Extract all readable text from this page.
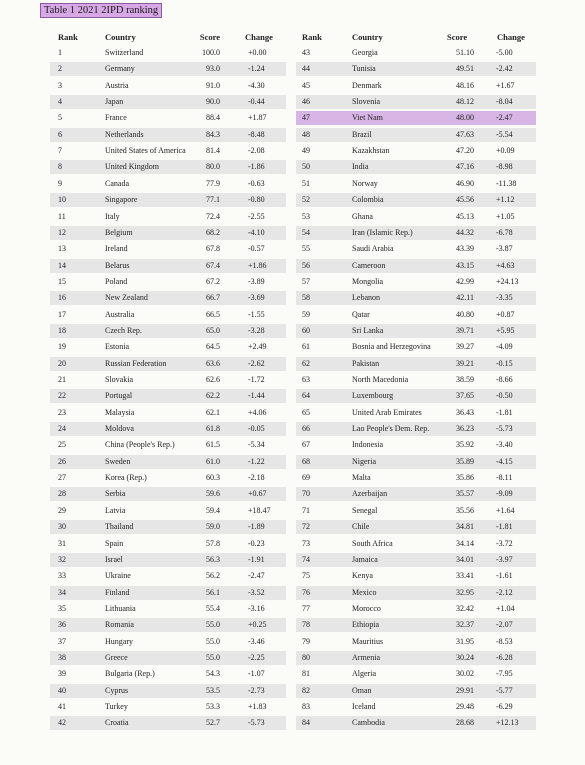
Table 1 2021 2IPD ranking
Rank	Country	Score	Change	Rank	Country	Score	Change
1	Switzerland	100.0	+0.00
2	Germany	93.0	-1.24
3	Austria	91.0	-4.30
4	Japan	90.0	-0.44
5	France	88.4	+1.87
6	Netherlands	84.3	-8.48
7	United States of America	81.4	-2.08
8	United Kingdom	80.0	-1.86
9	Canada	77.9	-0.63
10	Singapore	77.1	-0.80
11	Italy	72.4	-2.55
12	Belgium	68.2	-4.10
13	Ireland	67.8	-0.57
14	Belarus	67.4	+1.86
15	Poland	67.2	-3.89
16	New Zealand	66.7	-3.69
17	Australia	66.5	-1.55
18	Czech Rep.	65.0	-3.28
19	Estonia	64.5	+2.49
20	Russian Federation	63.6	-2.62
21	Slovakia	62.6	-1.72
22	Portugal	62.2	-1.44
23	Malaysia	62.1	+4.06
24	Moldova	61.8	-0.05
25	China (People's Rep.)	61.5	-5.34
26	Sweden	61.0	-1.22
27	Korea (Rep.)	60.3	-2.18
28	Serbia	59.6	+0.67
29	Latvia	59.4	+18.47
30	Thailand	59.0	-1.89
31	Spain	57.8	-0.23
32	Israel	56.3	-1.91
33	Ukraine	56.2	-2.47
34	Finland	56.1	-3.52
35	Lithuania	55.4	-3.16
36	Romania	55.0	+0.25
37	Hungary	55.0	-3.46
38	Greece	55.0	-2.25
39	Bulgaria (Rep.)	54.3	-1.07
40	Cyprus	53.5	-2.73
41	Turkey	53.3	+1.83
42	Croatia	52.7	-5.73
43	Georgia	51.10	-5.00
44	Tunisia	49.51	-2.42
45	Denmark	48.16	+1.67
46	Slovenia	48.12	-8.04
47	Viet Nam	48.00	-2.47
48	Brazil	47.63	-5.54
49	Kazakhstan	47.20	+0.09
50	India	47.16	-8.98
51	Norway	46.90	-11.38
52	Colombia	45.56	+1.12
53	Ghana	45.13	+1.05
54	Iran (Islamic Rep.)	44.32	-6.78
55	Saudi Arabia	43.39	-3.87
56	Cameroon	43.15	+4.63
57	Mongolia	42.99	+24.13
58	Lebanon	42.11	-3.35
59	Qatar	40.80	+0.87
60	Sri Lanka	39.71	+5.95
61	Bosnia and Herzegovina	39.27	-4.09
62	Pakistan	39.21	-0.15
63	North Macedonia	38.59	-8.66
64	Luxembourg	37.65	-0.50
65	United Arab Emirates	36.43	-1.81
66	Lao People's Dem. Rep.	36.23	-5.73
67	Indonesia	35.92	-3.40
68	Nigeria	35.89	-4.15
69	Malta	35.86	-8.11
70	Azerbaijan	35.57	-9.09
71	Senegal	35.56	+1.64
72	Chile	34.81	-1.81
73	South Africa	34.14	-3.72
74	Jamaica	34.01	-3.97
75	Kenya	33.41	-1.61
76	Mexico	32.95	-2.12
77	Morocco	32.42	+1.04
78	Ethiopia	32.37	-2.07
79	Mauritius	31.95	-8.53
80	Armenia	30.24	-6.28
81	Algeria	30.02	-7.95
82	Oman	29.91	-5.77
83	Iceland	29.48	-6.29
84	Cambodia	28.68	+12.13
